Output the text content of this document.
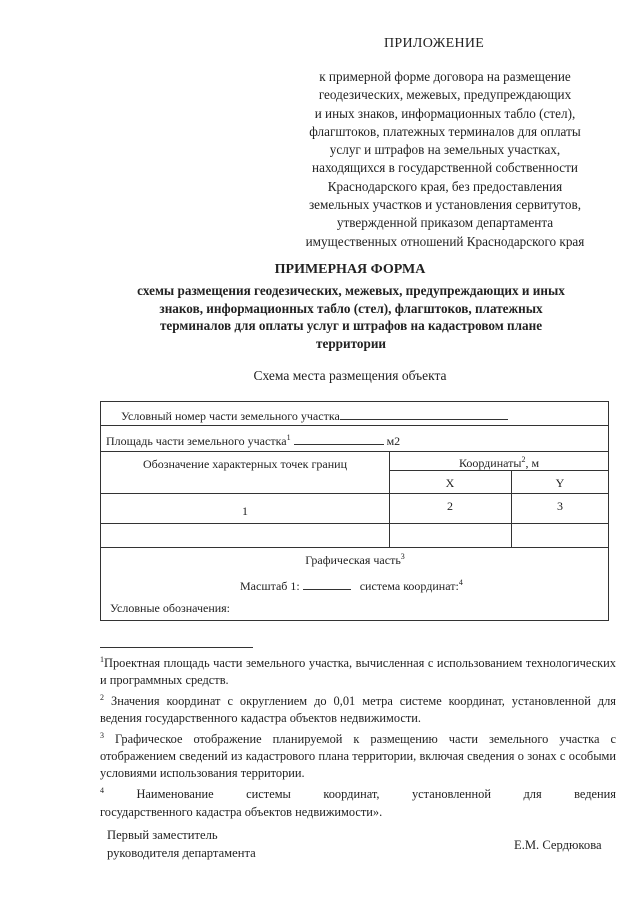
ПРИЛОЖЕНИЕ
к примерной форме договора на размещение
геодезических, межевых, предупреждающих
и иных знаков, информационных табло (стел),
флагштоков, платежных терминалов для оплаты
услуг и штрафов на земельных участках,
находящихся в государственной собственности
Краснодарского края, без предоставления
земельных участков и установления сервитутов,
утвержденной приказом департамента
имущественных отношений Краснодарского края
ПРИМЕРНАЯ ФОРМА
схемы размещения геодезических, межевых, предупреждающих и иных
знаков, информационных табло (стел), флагштоков, платежных
терминалов для оплаты услуг и штрафов на кадастровом плане
территории
Схема места размещения объекта
Условный номер части земельного участка
Площадь части земельного участка$^1$	м2
Обозначение характерных точек границ	Координаты$^2$, м
X	Y
1	2	3
Графическая часть$^3$
Масштаб 1:	система координат:$^4$
Условные обозначения:

$^1$Проектная площадь части земельного участка, вычисленная с использованием технологических и программных средств.

$^2$ Значения координат с округлением до 0,01 метра системе координат, установленной для ведения государственного кадастра объектов недвижимости.

$^3$ Графическое отображение планируемой к размещению части земельного участка с отображением сведений из кадастрового плана территории, включая сведения о зонах с особыми условиями использования территории.

$^4$	Наименование системы координат, установленной для ведения

государственного кадастра объектов недвижимости».

Первый заместитель
руководителя департамента
Е.М. Сердюкова
